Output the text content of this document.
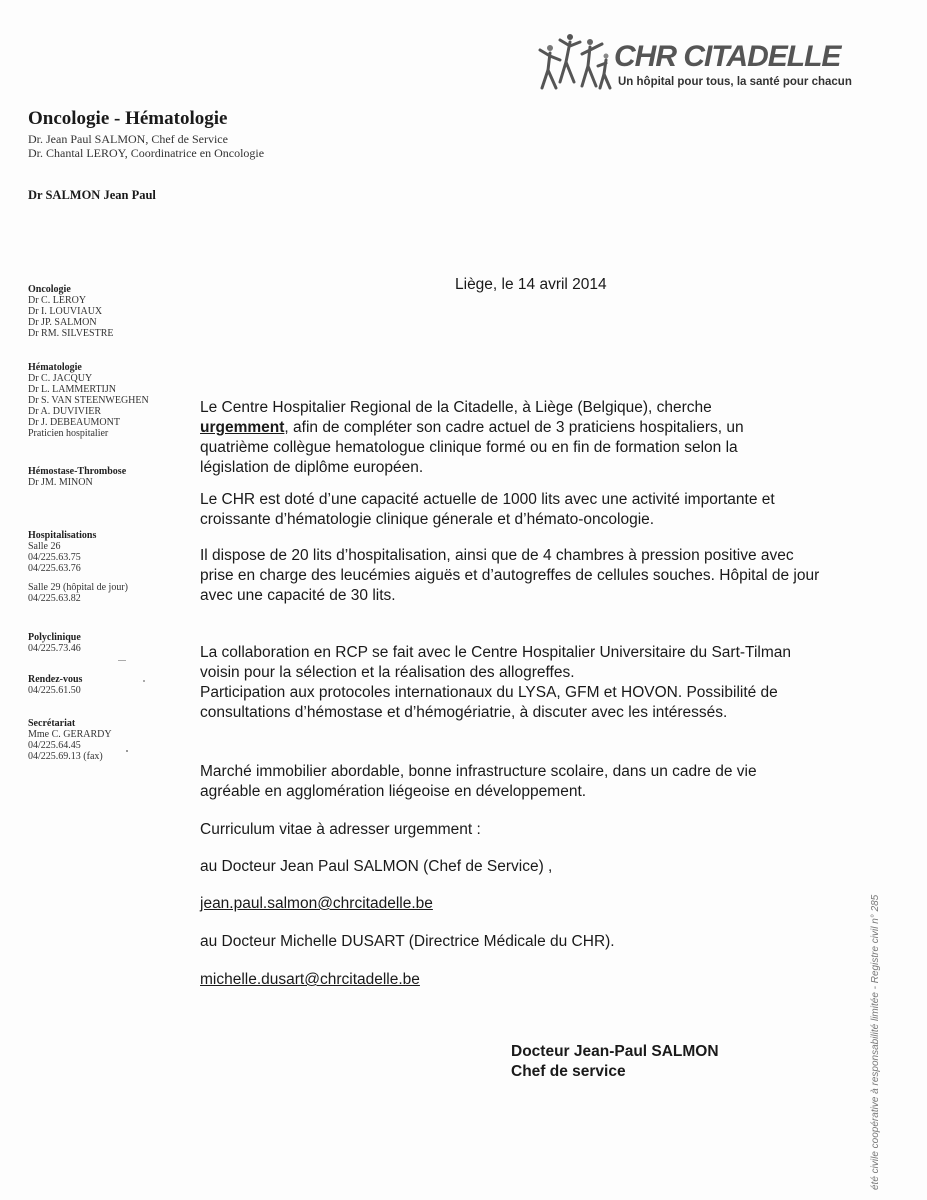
CHR CITADELLE
Un hôpital pour tous, la santé pour chacun
Oncologie - Hématologie
Dr. Jean Paul SALMON, Chef de Service
Dr. Chantal LEROY, Coordinatrice en Oncologie
Dr SALMON Jean Paul
Oncologie
Dr C. LEROY
Dr I. LOUVIAUX
Dr JP. SALMON
Dr RM. SILVESTRE
Hématologie
Dr C. JACQUY
Dr L. LAMMERTIJN
Dr S. VAN STEENWEGHEN
Dr A. DUVIVIER
Dr J. DEBEAUMONT
Praticien hospitalier
Hémostase-Thrombose
Dr JM. MINON
Hospitalisations
Salle 26
04/225.63.75
04/225.63.76
Salle 29 (hôpital de jour)
04/225.63.82
Polyclinique
04/225.73.46
Rendez-vous
04/225.61.50
Secrétariat
Mme C. GERARDY
04/225.64.45
04/225.69.13 (fax)
Liège, le 14 avril 2014

Le Centre Hospitalier Regional de la Citadelle, à Liège (Belgique), cherche urgemment, afin de compléter son cadre actuel de 3 praticiens hospitaliers, un quatrième collègue hematologue clinique formé ou en fin de formation selon la législation de diplôme européen.

Le CHR est doté d’une capacité actuelle de 1000 lits avec une activité importante et croissante d’hématologie clinique génerale et d’hémato-oncologie.

Il dispose de 20 lits d’hospitalisation, ainsi que de 4 chambres à pression positive avec prise en charge des leucémies aiguës et d’autogreffes de cellules souches. Hôpital de jour avec une capacité de 30 lits.

La collaboration en RCP se fait avec le Centre Hospitalier Universitaire du Sart-Tilman voisin pour la sélection et la réalisation des allogreffes.

Participation aux protocoles internationaux du LYSA, GFM et HOVON. Possibilité de consultations d’hémostase et d’hémogériatrie, à discuter avec les intéressés.

Marché immobilier abordable, bonne infrastructure scolaire, dans un cadre de vie agréable en agglomération liégeoise en développement.

Curriculum vitae à adresser urgemment :
au Docteur Jean Paul SALMON (Chef de Service) ,
jean.paul.salmon@chrcitadelle.be
au Docteur Michelle DUSART (Directrice Médicale du CHR).
michelle.dusart@chrcitadelle.be
Docteur Jean-Paul SALMON
Chef de service	été civile coopérative à responsabilité limitée - Registre civil n° 285
